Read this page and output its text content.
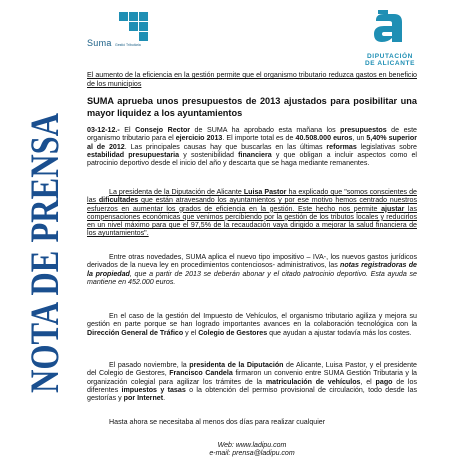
Suma Gestió Tributària
DIPUTACIÓN
DE ALICANTE
NOTA DE PRENSA	El aumento de la eficiencia en la gestión permite que el organismo tributario reduzca gastos en beneficio de los municipios
SUMA aprueba unos presupuestos de 2013 ajustados para posibilitar una mayor liquidez a los ayuntamientos
03-12-12.- El Consejo Rector de SUMA ha aprobado esta mañana los presupuestos de este organismo tributario para el ejercicio 2013. El importe total es de 40.508.000 euros, un 5,40% superior al de 2012. Las principales causas hay que buscarlas en las últimas reformas legislativas sobre estabilidad presupuestaria y sostenibilidad financiera y que obligan a incluir aspectos como el patrocinio deportivo desde el inicio del año y descarta que se haga mediante remanentes.
La presidenta de la Diputación de Alicante Luisa Pastor ha explicado que "somos conscientes de las dificultades que están atravesando los ayuntamientos y por ese motivo hemos centrado nuestros esfuerzos en aumentar los grados de eficiencia en la gestión. Este hecho nos permite ajustar las compensaciones económicas que venimos percibiendo por la gestión de los tributos locales y reducirlos en un nivel máximo para que el 97,5% de la recaudación vaya dirigido a mejorar la salud financiera de los ayuntamientos".
Entre otras novedades, SUMA aplica el nuevo tipo impositivo – IVA-, los nuevos gastos jurídicos derivados de la nueva ley en procedimientos contenciosos- administrativos, las notas registradoras de la propiedad, que a partir de 2013 se deberán abonar y el citado patrocinio deportivo. Esta ayuda se mantiene en 452.000 euros.
En el caso de la gestión del Impuesto de Vehículos, el organismo tributario agiliza y mejora su gestión en parte porque se han logrado importantes avances en la colaboración tecnológica con la Dirección General de Tráfico y el Colegio de Gestores que ayudan a ajustar todavía más los costes.
El pasado noviembre, la presidenta de la Diputación de Alicante, Luisa Pastor, y el presidente del Colegio de Gestores, Francisco Candela firmaron un convenio entre SUMA Gestión Tributaria y la organización colegial para agilizar los trámites de la matriculación de vehículos, el pago de los diferentes impuestos y tasas o la obtención del permiso provisional de circulación, todo desde las gestorías y por Internet.
Hasta ahora se necesitaba al menos dos días para realizar cualquier
Web: www.ladipu.com
e-mail: prensa@ladipu.com
